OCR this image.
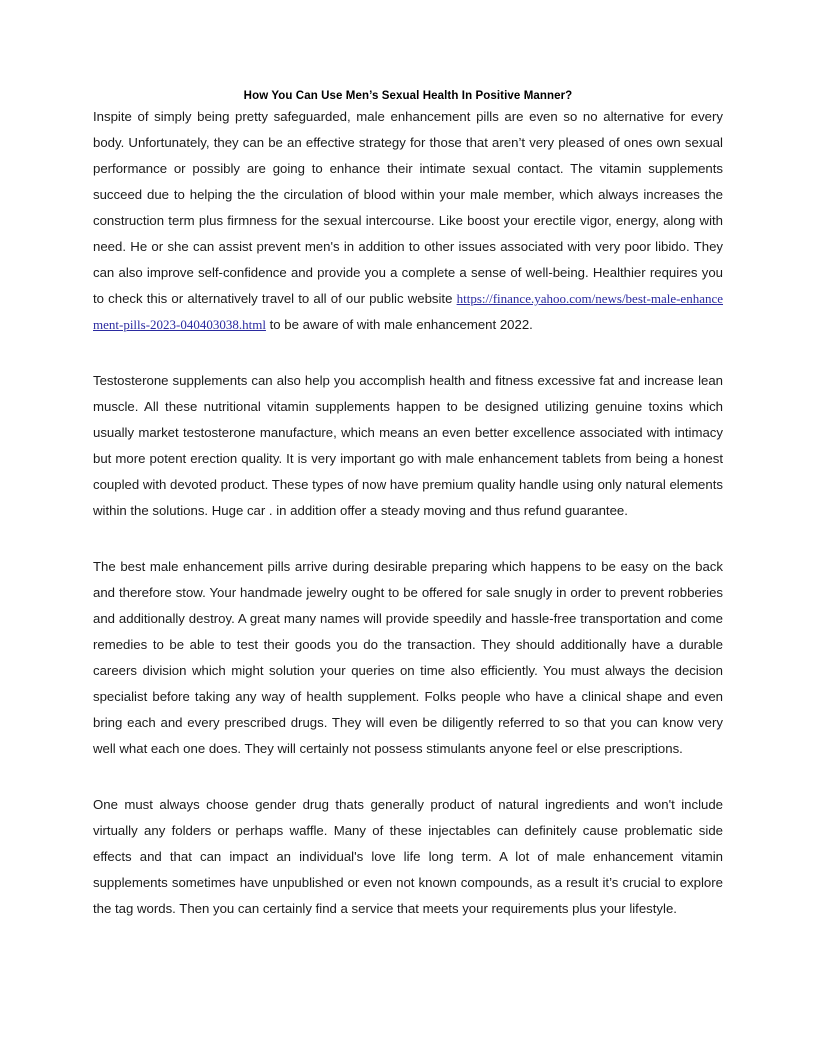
How You Can Use Men’s Sexual Health In Positive Manner?

Inspite of simply being pretty safeguarded, male enhancement pills are even so no alternative for every body. Unfortunately, they can be an effective strategy for those that aren’t very pleased of ones own sexual performance or possibly are going to enhance their intimate sexual contact. The vitamin supplements succeed due to helping the the circulation of blood within your male member, which always increases the construction term plus firmness for the sexual intercourse. Like boost your erectile vigor, energy, along with need. He or she can assist prevent men's in addition to other issues associated with very poor libido. They can also improve self-confidence and provide you a complete a sense of well-being. Healthier requires you to check this or alternatively travel to all of our public website https://finance.yahoo.com/news/best-male-enhancement-pills-2023-040403038.html to be aware of with male enhancement 2022.

Testosterone supplements can also help you accomplish health and fitness excessive fat and increase lean muscle. All these nutritional vitamin supplements happen to be designed utilizing genuine toxins which usually market testosterone manufacture, which means an even better excellence associated with intimacy but more potent erection quality. It is very important go with male enhancement tablets from being a honest coupled with devoted product. These types of now have premium quality handle using only natural elements within the solutions. Huge car . in addition offer a steady moving and thus refund guarantee.

The best male enhancement pills arrive during desirable preparing which happens to be easy on the back and therefore stow. Your handmade jewelry ought to be offered for sale snugly in order to prevent robberies and additionally destroy. A great many names will provide speedily and hassle-free transportation and come remedies to be able to test their goods you do the transaction. They should additionally have a durable careers division which might solution your queries on time also efficiently. You must always the decision specialist before taking any way of health supplement. Folks people who have a clinical shape and even bring each and every prescribed drugs. They will even be diligently referred to so that you can know very well what each one does. They will certainly not possess stimulants anyone feel or else prescriptions.

One must always choose gender drug thats generally product of natural ingredients and won't include virtually any folders or perhaps waffle. Many of these injectables can definitely cause problematic side effects and that can impact an individual's love life long term. A lot of male enhancement vitamin supplements sometimes have unpublished or even not known compounds, as a result it’s crucial to explore the tag words. Then you can certainly find a service that meets your requirements plus your lifestyle.
